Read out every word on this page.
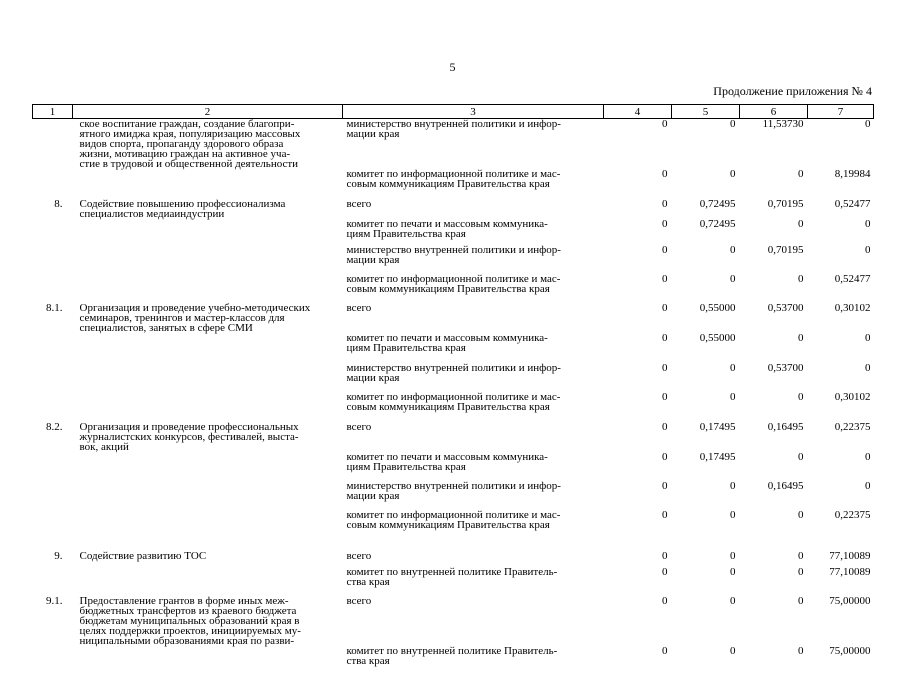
5
Продолжение приложения № 4
1	2	3	4	5	6	7

	ское воспитание граждан, создание благопри-
ятного имиджа края, популяризацию массовых
видов спорта, пропаганду здорового образа
жизни, мотивацию граждан на активное уча-
стие в трудовой и общественной деятельности	министерство внутренней политики и инфор-
мации края	0	0	11,53730	0

		комитет по информационной политике и мас-
совым коммуникациям Правительства края	0	0	0	8,19984
8.	Содействие повышению профессионализма
специалистов медиаиндустрии	всего	0	0,72495	0,70195	0,52477

		комитет по печати и массовым коммуника-
циям Правительства края	0	0,72495	0	0

		министерство внутренней политики и инфор-
мации края	0	0	0,70195	0

		комитет по информационной политике и мас-
совым коммуникациям Правительства края	0	0	0	0,52477
8.1.	Организация и проведение учебно-методических
семинаров, тренингов и мастер-классов для
специалистов, занятых в сфере СМИ	всего	0	0,55000	0,53700	0,30102

		комитет по печати и массовым коммуника-
циям Правительства края	0	0,55000	0	0

		министерство внутренней политики и инфор-
мации края	0	0	0,53700	0

		комитет по информационной политике и мас-
совым коммуникациям Правительства края	0	0	0	0,30102
8.2.	Организация и проведение профессиональных
журналистских конкурсов, фестивалей, выста-
вок, акций	всего	0	0,17495	0,16495	0,22375

		комитет по печати и массовым коммуника-
циям Правительства края	0	0,17495	0	0

		министерство внутренней политики и инфор-
мации края	0	0	0,16495	0

		комитет по информационной политике и мас-
совым коммуникациям Правительства края	0	0	0	0,22375
9.	Содействие развитию ТОС	всего	0	0	0	77,10089

		комитет по внутренней политике Правитель-
ства края	0	0	0	77,10089
9.1.	Предоставление грантов в форме иных меж-
бюджетных трансфертов из краевого бюджета
бюджетам муниципальных образований края в
целях поддержки проектов, инициируемых му-
ниципальными образованиями края по разви-	всего	0	0	0	75,00000

		комитет по внутренней политике Правитель-
ства края	0	0	0	75,00000
